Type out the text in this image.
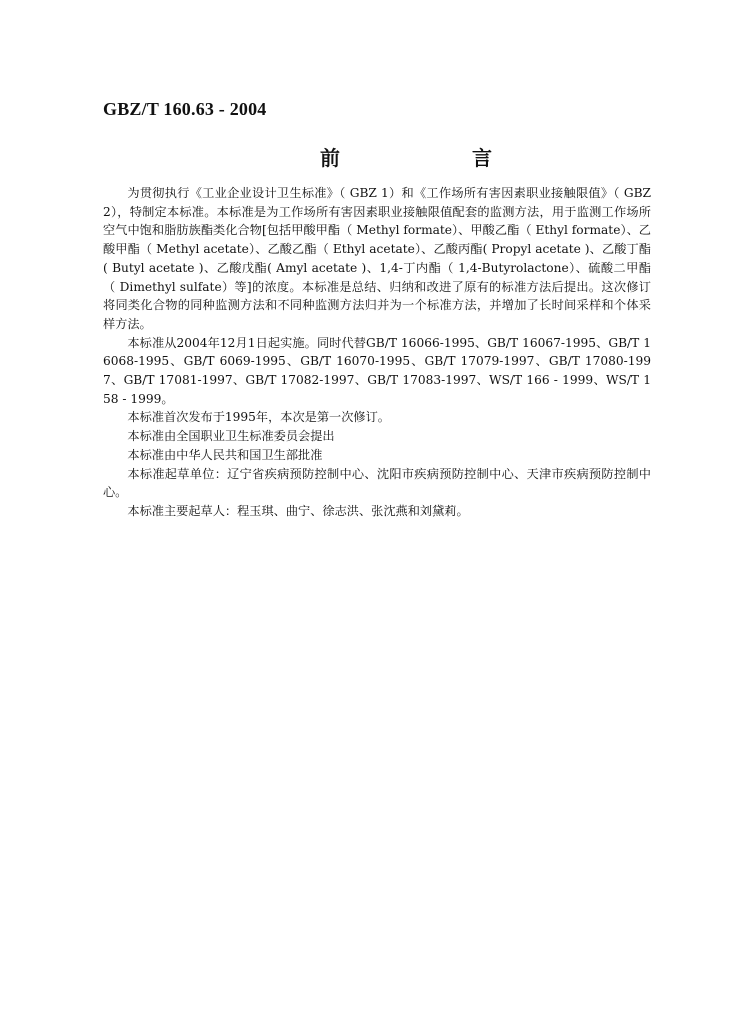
GBZ/T 160.63 - 2004
前　言

为贯彻执行《工业企业设计卫生标准》（ GBZ 1）和《工作场所有害因素职业接触限值》（ GBZ 2），特制定本标准。本标准是为工作场所有害因素职业接触限值配套的监测方法，用于监测工作场所空气中饱和脂肪族酯类化合物[包括甲酸甲酯（ Methyl formate）、甲酸乙酯（ Ethyl formate）、乙酸甲酯（ Methyl acetate）、乙酸乙酯（ Ethyl acetate）、乙酸丙酯( Propyl acetate )、乙酸丁酯( Butyl acetate )、乙酸戊酯( Amyl acetate )、1,4-丁内酯（ 1,4-Butyrolactone）、硫酸二甲酯（ Dimethyl sulfate）等]的浓度。本标准是总结、归纳和改进了原有的标准方法后提出。这次修订将同类化合物的同种监测方法和不同种监测方法归并为一个标准方法，并增加了长时间采样和个体采样方法。

本标准从2004年12月1日起实施。同时代替GB/T 16066-1995、GB/T 16067-1995、GB/T 16068-1995、GB/T 6069-1995、GB/T 16070-1995、GB/T 17079-1997、GB/T 17080-1997、GB/T 17081-1997、GB/T 17082-1997、GB/T 17083-1997、WS/T 166 - 1999、WS/T 158 - 1999。

本标准首次发布于1995年，本次是第一次修订。

本标准由全国职业卫生标准委员会提出

本标准由中华人民共和国卫生部批准

本标准起草单位：辽宁省疾病预防控制中心、沈阳市疾病预防控制中心、天津市疾病预防控制中心。

本标准主要起草人：程玉琪、曲宁、徐志洪、张沈燕和刘黛莉。
